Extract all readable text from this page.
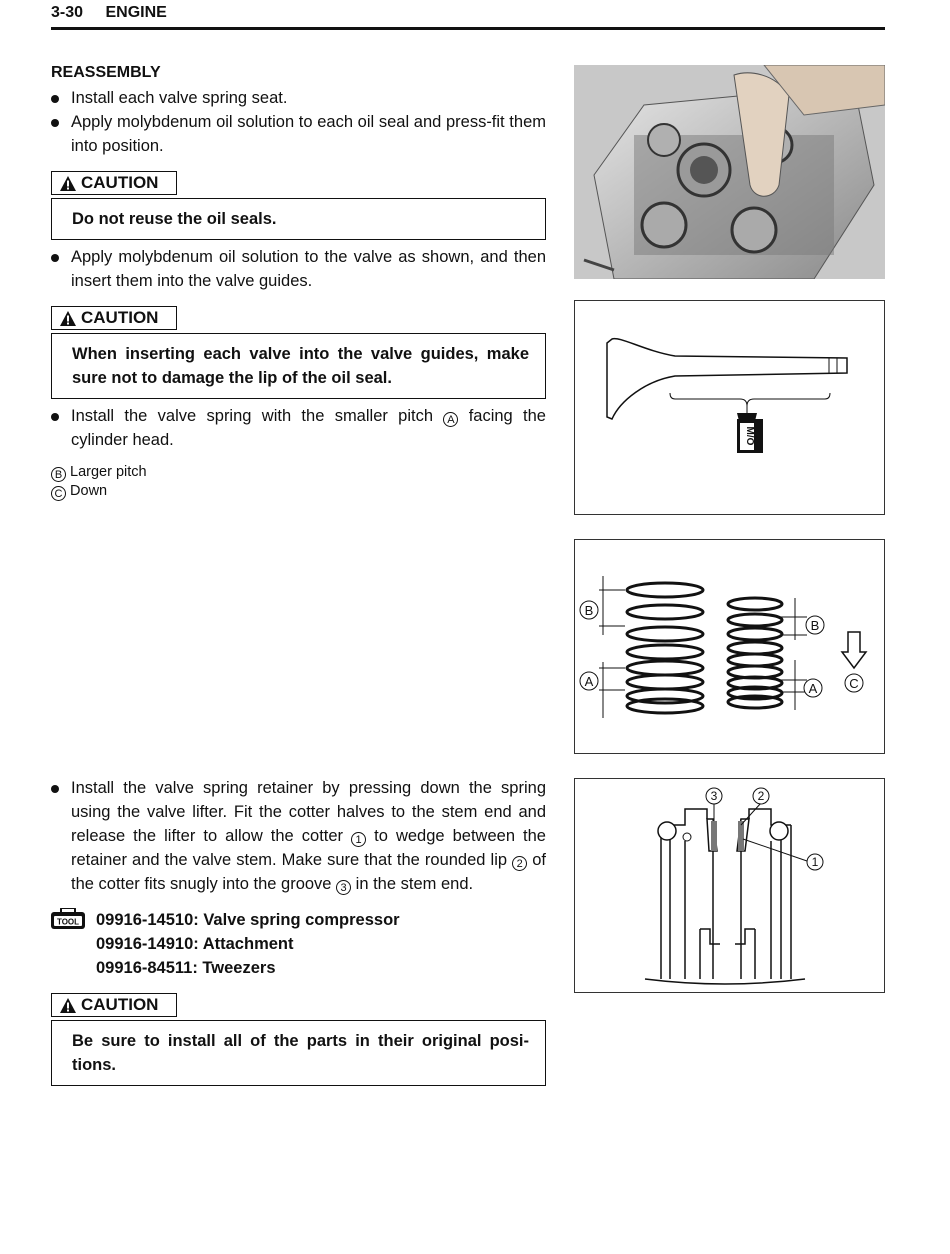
3-30 ENGINE
REASSEMBLY
Install each valve spring seat.
Apply molybdenum oil solution to each oil seal and press-fit them into position.
CAUTION
Do not reuse the oil seals.
Apply molybdenum oil solution to the valve as shown, and then insert them into the valve guides.
CAUTION
When inserting each valve into the valve guides, make sure not to damage the lip of the oil seal.
Install the valve spring with the smaller pitch A facing the cylinder head.
B Larger pitch
C Down
Install the valve spring retainer by pressing down the spring using the valve lifter. Fit the cotter halves to the stem end and release the lifter to allow the cotter 1 to wedge between the retainer and the valve stem. Make sure that the rounded lip 2 of the cotter fits snugly into the groove 3 in the stem end.
TOOL 09916-14510: Valve spring compressor
09916-14910: Attachment
09916-84511: Tweezers
CAUTION
Be sure to install all of the parts in their original posi-tions.
M/O
B
A
B
A C
3	2
1
